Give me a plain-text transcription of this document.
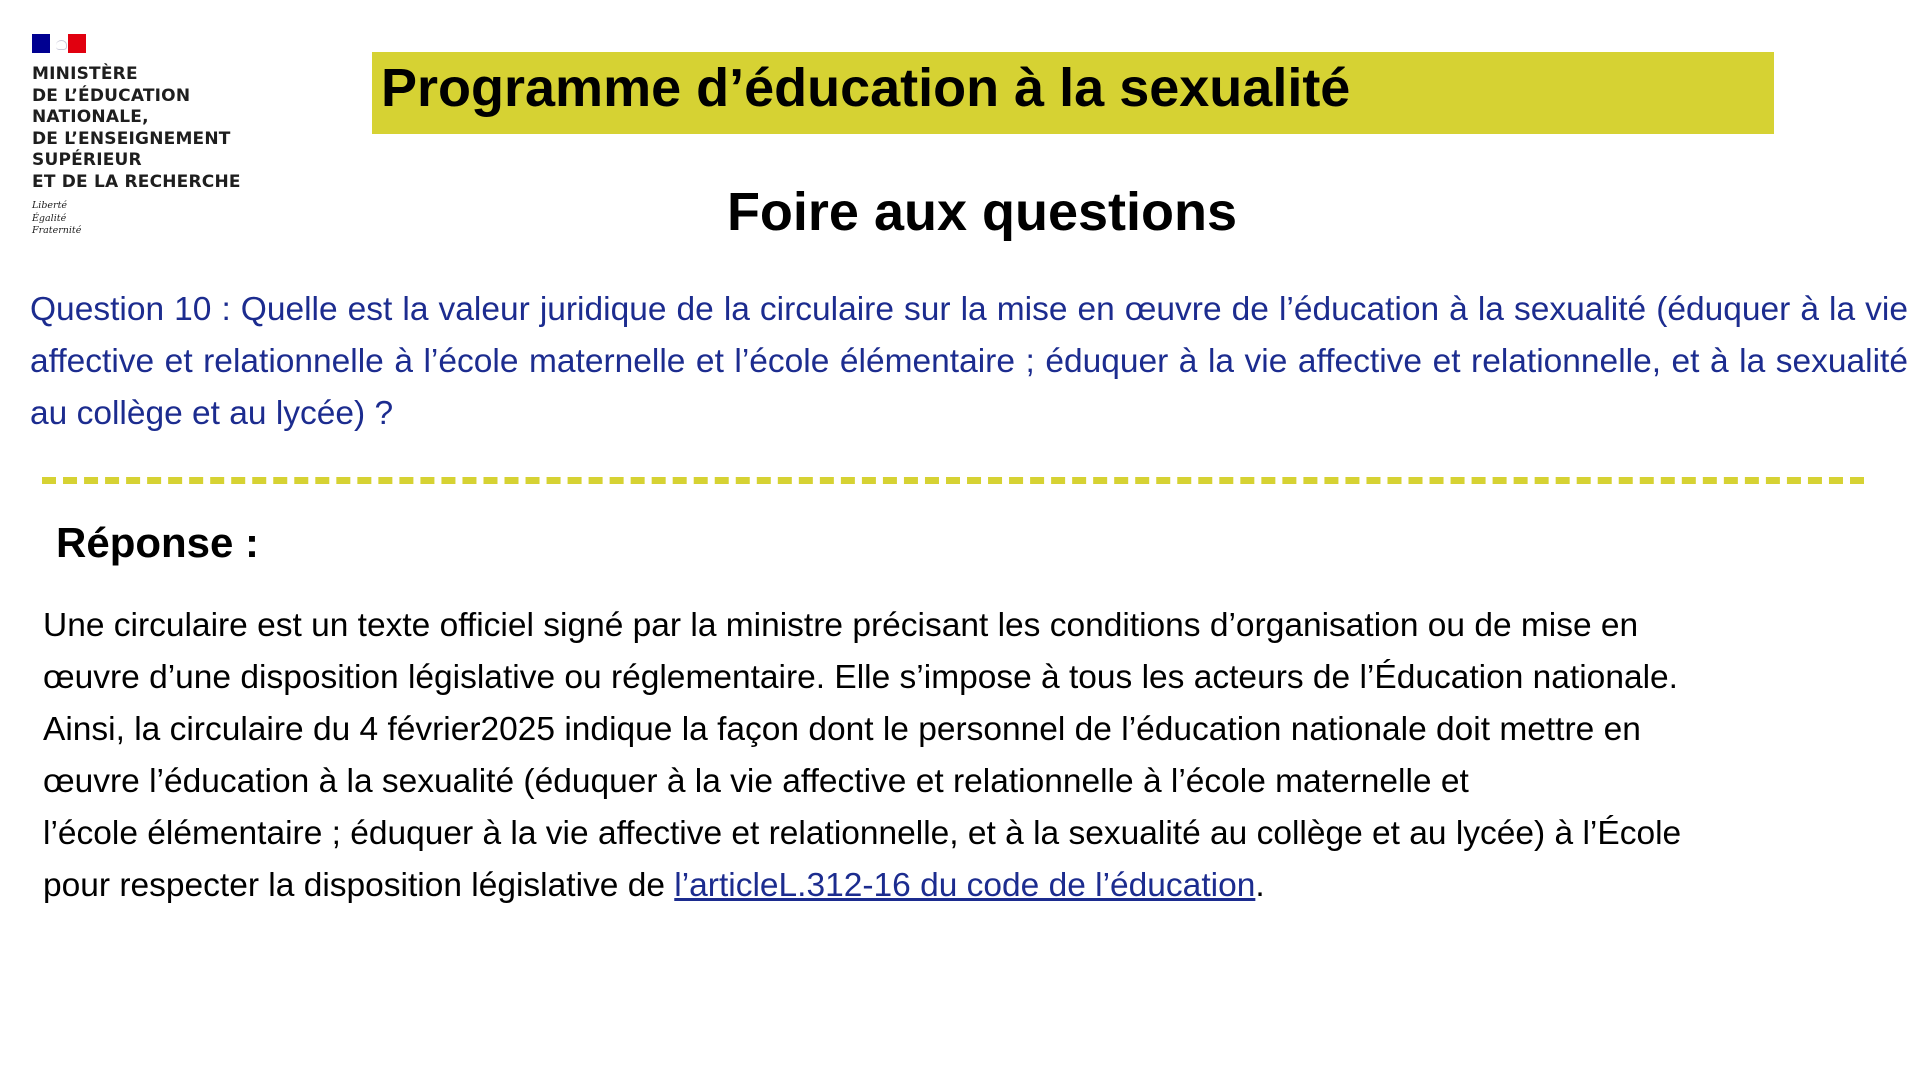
MINISTÈRE
DE L’ÉDUCATION
NATIONALE,
DE L’ENSEIGNEMENT
SUPÉRIEUR
ET DE LA RECHERCHE
Liberté
Égalité
Fraternité
Programme d’éducation à la sexualité
Foire aux questions
Question 10 : Quelle est la valeur juridique de la circulaire sur la mise en œuvre de l’éducation à la sexualité (éduquer à la vie affective et relationnelle à l’école maternelle et l’école élémentaire ; éduquer à la vie affective et relationnelle, et à la sexualité au collège et au lycée) ?
Réponse :
Une circulaire est un texte officiel signé par la ministre précisant les conditions d’organisation ou de mise en
œuvre d’une disposition législative ou réglementaire. Elle s’impose à tous les acteurs de l’Éducation nationale.
Ainsi, la circulaire du 4 février2025 indique la façon dont le personnel de l’éducation nationale doit mettre en
œuvre l’éducation à la sexualité (éduquer à la vie affective et relationnelle à l’école maternelle et
l’école élémentaire ; éduquer à la vie affective et relationnelle, et à la sexualité au collège et au lycée) à l’École
pour respecter la disposition législative de l’articleL.312-16 du code de l’éducation.
